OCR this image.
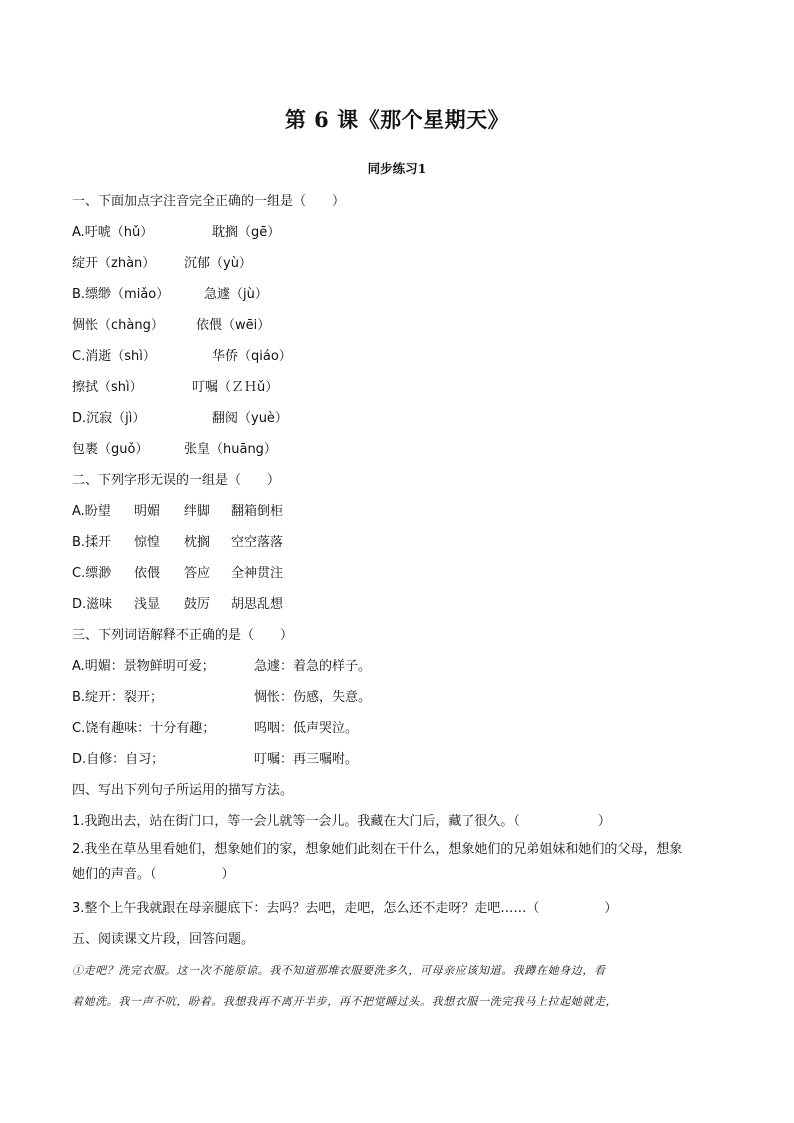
第 6 课《那个星期天》
同步练习1
一、下面加点字注音完全正确的一组是（　　）
A.吁唬（hǔ）	耽搁（gē）
绽开（zhàn） 沉郁（yù）
B.缥缈（miǎo）	急遽（jù）
惆怅（chàng） 依偎（wēi）
C.消逝（shì）	华侨（qiáo）
擦拭（shì）	叮嘱（ＺＨǔ）
D.沉寂（jì）	翻阅（yuè）
包裹（guǒ）	张皇（huāng）
二、下列字形无误的一组是（　　）
A.盼望 明媚 绊脚 翻箱倒柜
B.揉开 惊惶 枕搁 空空落落
C.缥渺 依偎 答应 全神贯注
D.滋味 浅显 鼓厉 胡思乱想
三、下列词语解释不正确的是（　　）
A.明媚：景物鲜明可爱；	急遽：着急的样子。
B.绽开：裂开；	惆怅：伤感，失意。
C.饶有趣味：十分有趣；	呜咽：低声哭泣。
D.自修：自习；	叮嘱：再三嘱咐。
四、写出下列句子所运用的描写方法。
1.我跑出去，站在街门口，等一会儿就等一会儿。我藏在大门后，藏了很久。（　　　　　　）
2.我坐在草丛里看她们，想象她们的家，想象她们此刻在干什么，想象她们的兄弟姐妹和她们的父母，想象
她们的声音。（　　　　　）
3.整个上午我就跟在母亲腿底下：去吗？去吧，走吧，怎么还不走呀？走吧……（　　　　　）
五、阅读课文片段，回答问题。
①走吧？洗完衣服。这一次不能原谅。我不知道那堆衣服要洗多久，可母亲应该知道。我蹲在她身边，看
着她洗。我一声不吭，盼着。我想我再不离开半步，再不把觉睡过头。我想衣服一洗完我马上拉起她就走，
